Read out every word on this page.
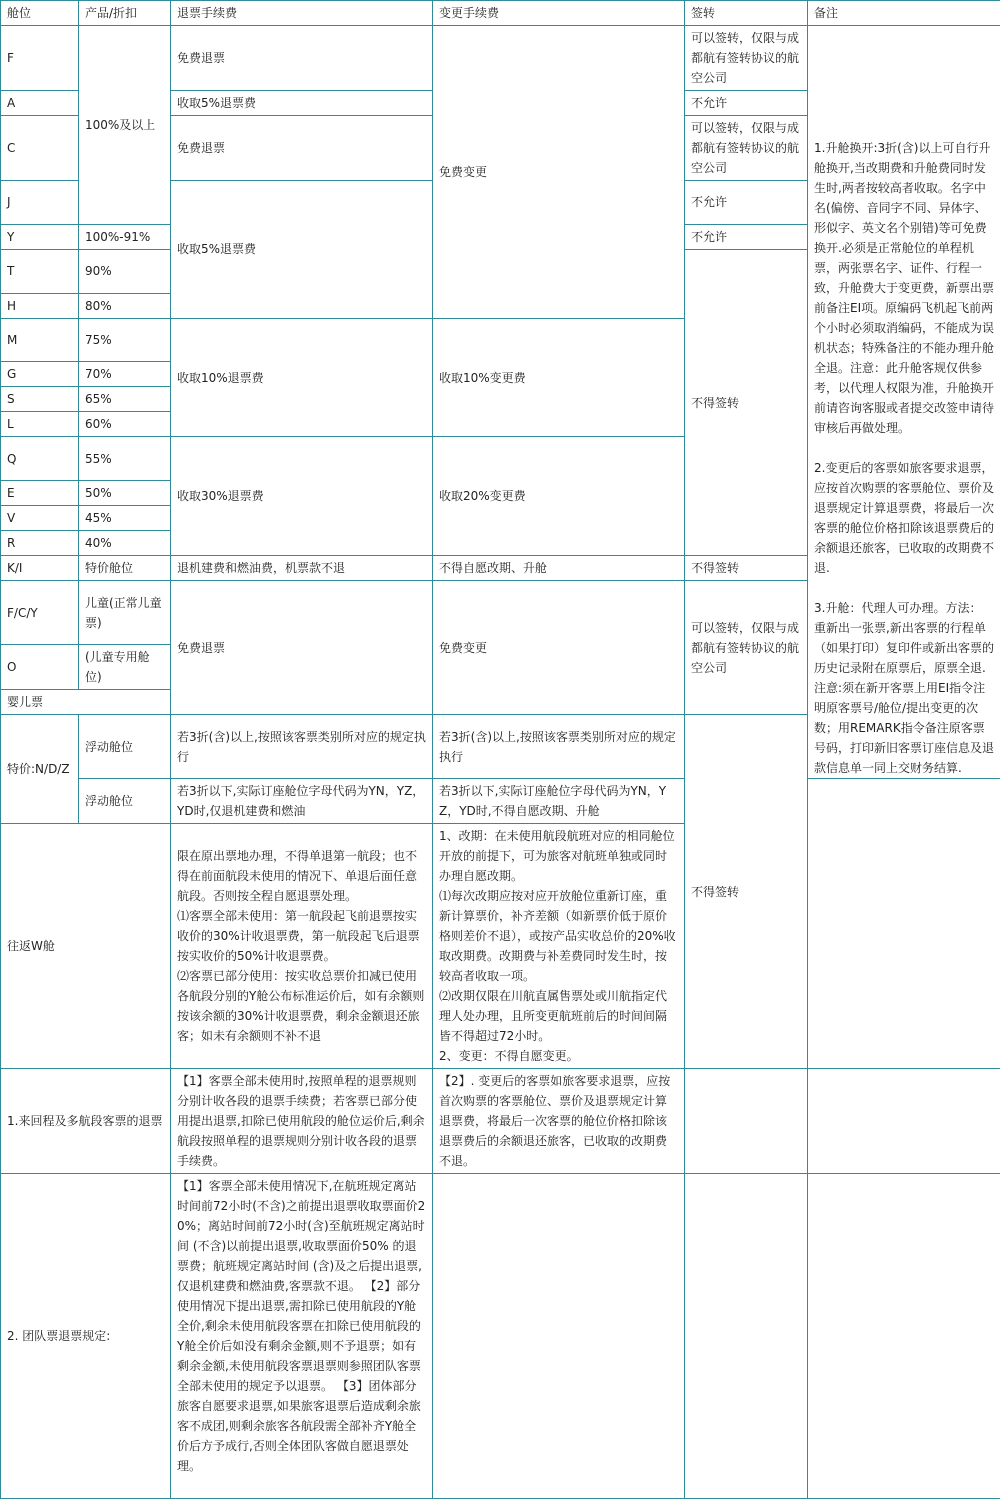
舱位	产品/折扣	退票手续费	变更手续费	签转	备注
F	100%及以上	免费退票	免费变更	可以签转，仅限与成都航有签转协议的航空公司	1.升舱换开:3折(含)以上可自行升舱换开,当改期费和升舱费同时发生时,两者按较高者收取。名字中名(偏傍、音同字不同、异体字、形似字、英文名个别错)等可免费换开.必须是正常舱位的单程机票，两张票名字、证件、行程一致，升舱费大于变更费，新票出票前备注EI项。原编码飞机起飞前两个小时必须取消编码，不能成为误机状态；特殊备注的不能办理升舱全退。注意：此升舱客规仅供参考，以代理人权限为准，升舱换开前请咨询客服或者提交改签申请待审核后再做处理。
2.变更后的客票如旅客要求退票，应按首次购票的客票舱位、票价及退票规定计算退票费，将最后一次客票的舱位价格扣除该退票费后的余额退还旅客，已收取的改期费不退.
3.升舱：代理人可办理。方法： 重新出一张票,新出客票的行程单（如果打印）复印件或新出客票的历史记录附在原票后，原票全退.注意:须在新开客票上用EI指令注明原客票号/舱位/提出变更的次数；用REMARK指令备注原客票号码，打印新旧客票订座信息及退款信息单一同上交财务结算.

A		收取5%退票费		不允许	
C		免费退票		可以签转，仅限与成都航有签转协议的航空公司	
J		收取5%退票费		不允许	
Y	100%-91%			不允许	
T	90%			不得签转	
H	80%				
M	75%	收取10%退票费	收取10%变更费		
G	70%				
S	65%				
L	60%				
Q	55%	收取30%退票费	收取20%变更费		
E	50%				
V	45%				
R	40%				
K/I	特价舱位	退机建费和燃油费，机票款不退	不得自愿改期、升舱	不得签转	
F/C/Y	儿童(正常儿童票)	免费退票	免费变更	可以签转，仅限与成都航有签转协议的航空公司	
O	(儿童专用舱位)				
婴儿票					
特价:N/D/Z	浮动舱位	若3折(含)以上,按照该客票类别所对应的规定执行	若3折(含)以上,按照该客票类别所对应的规定执行	不得签转	
	浮动舱位	若3折以下,实际订座舱位字母代码为YN，YZ，YD时,仅退机建费和燃油	若3折以下,实际订座舱位字母代码为YN，YZ，YD时,不得自愿改期、升舱		
往返W舱		限在原出票地办理，不得单退第一航段；也不得在前面航段未使用的情况下、单退后面任意航段。否则按全程自愿退票处理。
⑴客票全部未使用：第一航段起飞前退票按实收价的30%计收退票费，第一航段起飞后退票按实收价的50%计收退票费。
⑵客票已部分使用：按实收总票价扣减已使用各航段分别的Y舱公布标准运价后，如有余额则按该余额的30%计收退票费，剩余金额退还旅客；如未有余额则不补不退	1、改期：在未使用航段航班对应的相同舱位开放的前提下，可为旅客对航班单独或同时办理自愿改期。
⑴每次改期应按对应开放舱位重新订座，重新计算票价，补齐差额（如新票价低于原价格则差价不退），或按产品实收总价的20%收取改期费。改期费与补差费同时发生时，按较高者收取一项。
⑵改期仅限在川航直属售票处或川航指定代理人处办理，且所变更航班前后的时间间隔皆不得超过72小时。
2、变更：不得自愿变更。		
1.来回程及多航段客票的退票		【1】客票全部未使用时,按照单程的退票规则分别计收各段的退票手续费；若客票已部分使用提出退票,扣除已使用航段的舱位运价后,剩余航段按照单程的退票规则分别计收各段的退票手续费。	【2】. 变更后的客票如旅客要求退票，应按首次购票的客票舱位、票价及退票规定计算退票费，将最后一次客票的舱位价格扣除该退票费后的余额退还旅客，已收取的改期费不退。		
2. 团队票退票规定:		【1】客票全部未使用情况下,在航班规定离站时间前72小时(不含)之前提出退票收取票面价20%；离站时间前72小时(含)至航班规定离站时间 (不含)以前提出退票,收取票面价50% 的退票费；航班规定离站时间 (含)及之后提出退票,仅退机建费和燃油费,客票款不退。 【2】部分使用情况下提出退票,需扣除已使用航段的Y舱全价,剩余未使用航段客票在扣除已使用航段的Y舱全价后如没有剩余金额,则不予退票；如有剩余金额,未使用航段客票退票则参照团队客票全部未使用的规定予以退票。 【3】团体部分旅客自愿要求退票,如果旅客退票后造成剩余旅客不成团,则剩余旅客各航段需全部补齐Y舱全价后方予成行,否则全体团队客做自愿退票处理。			
